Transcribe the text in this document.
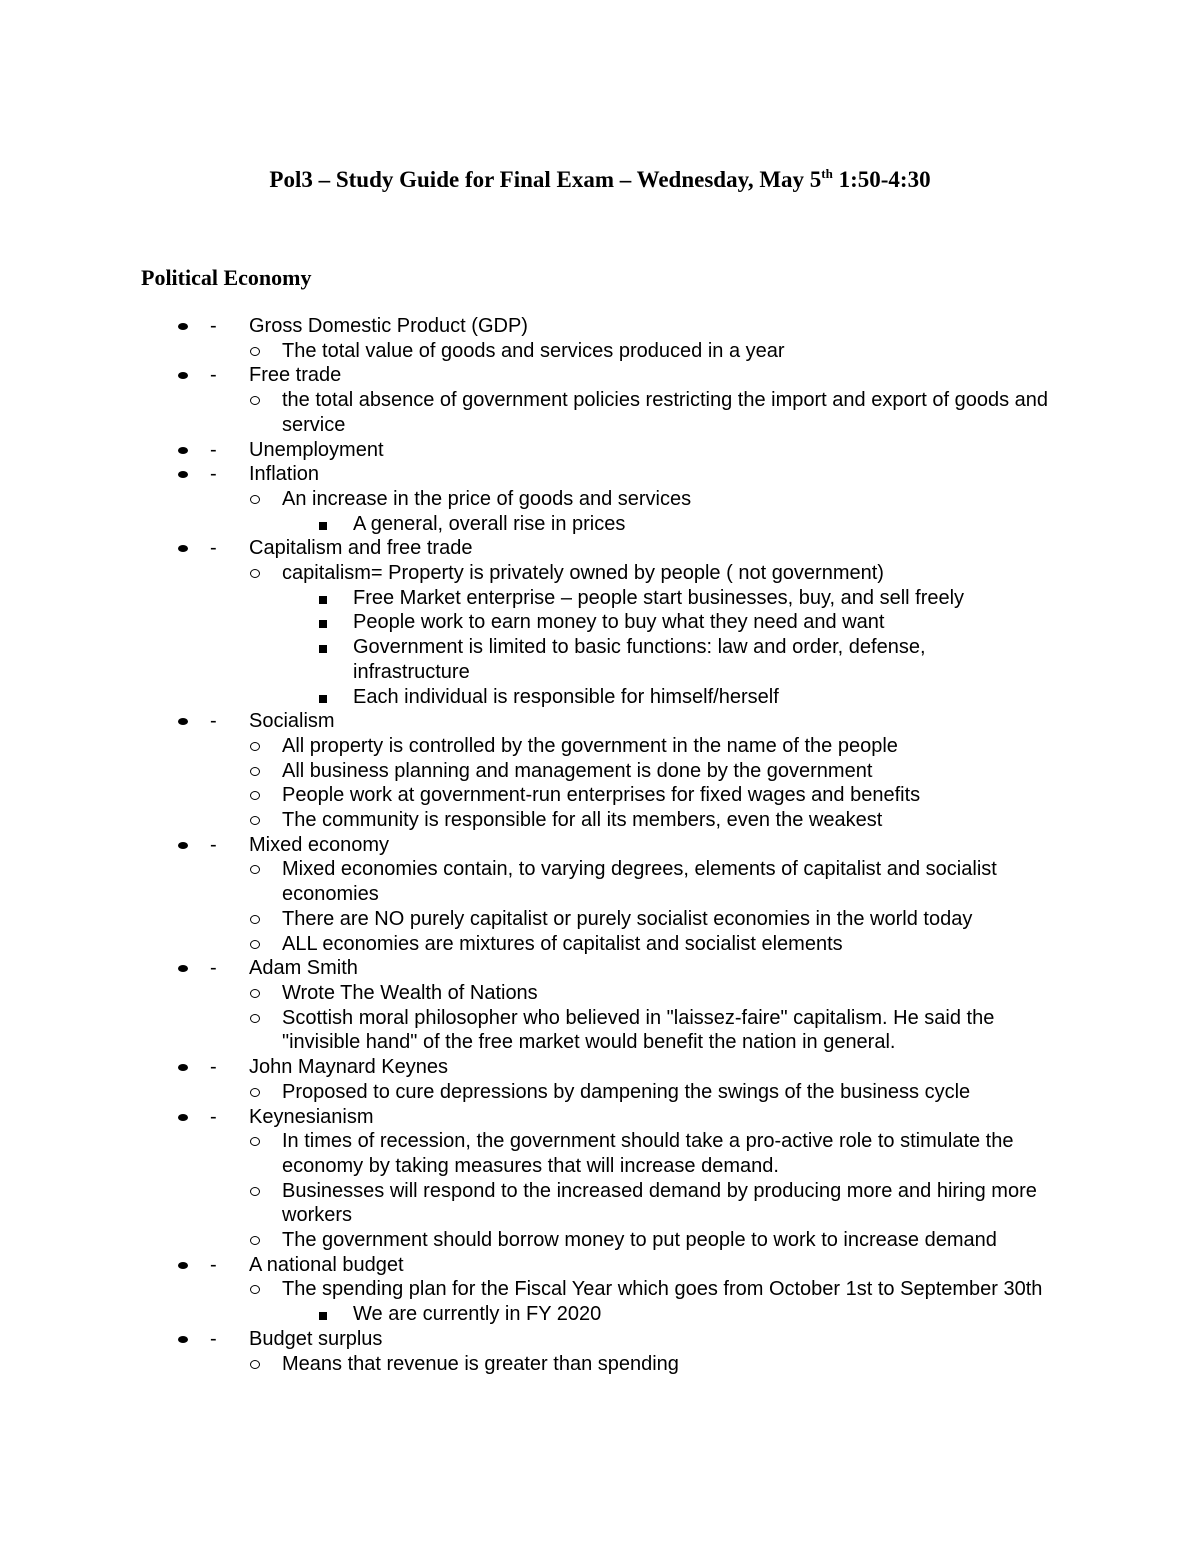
Pol3 – Study Guide for Final Exam – Wednesday, May 5th 1:50-4:30
Political Economy
- Gross Domestic Product (GDP)
The total value of goods and services produced in a year
- Free trade
the total absence of government policies restricting the import and export of goods and service
- Unemployment
- Inflation
An increase in the price of goods and services
A general, overall rise in prices
- Capitalism and free trade
capitalism= Property is privately owned by people ( not government)
Free Market enterprise – people start businesses, buy, and sell freely
People work to earn money to buy what they need and want
Government is limited to basic functions: law and order, defense, infrastructure
Each individual is responsible for himself/herself
- Socialism
All property is controlled by the government in the name of the people
All business planning and management is done by the government
People work at government-run enterprises for fixed wages and benefits
The community is responsible for all its members, even the weakest
- Mixed economy
Mixed economies contain, to varying degrees, elements of capitalist and socialist economies
There are NO purely capitalist or purely socialist economies in the world today
ALL economies are mixtures of capitalist and socialist elements
- Adam Smith
Wrote The Wealth of Nations
Scottish moral philosopher who believed in "laissez-faire" capitalism. He said the "invisible hand" of the free market would benefit the nation in general.
- John Maynard Keynes
Proposed to cure depressions by dampening the swings of the business cycle
- Keynesianism
In times of recession, the government should take a pro-active role to stimulate the economy by taking measures that will increase demand.
Businesses will respond to the increased demand by producing more and hiring more workers
The government should borrow money to put people to work to increase demand
- A national budget
The spending plan for the Fiscal Year which goes from October 1st to September 30th
We are currently in FY 2020
- Budget surplus
Means that revenue is greater than spending
